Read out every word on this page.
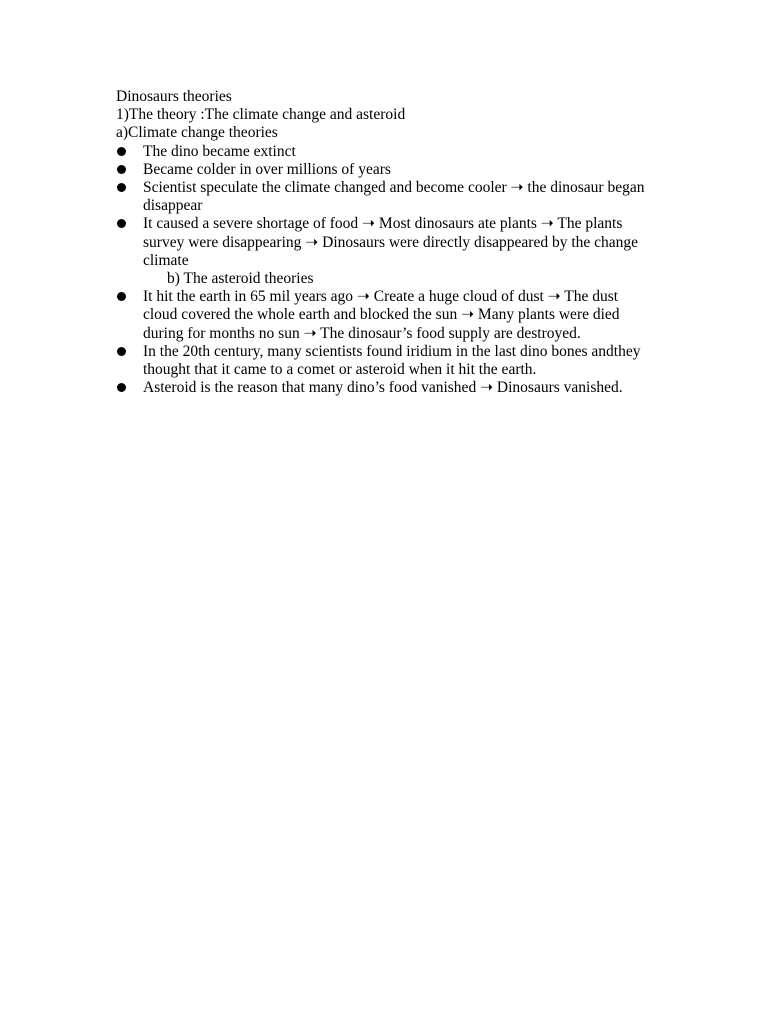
Dinosaurs theories
1)The theory :The climate change and asteroid
a)Climate change theories
The dino became extinct
Became colder in over millions of years
Scientist speculate the climate changed and become cooler ➝ the dinosaur began disappear
It caused a severe shortage of food ➝ Most dinosaurs ate plants ➝ The plants survey were disappearing ➝ Dinosaurs were directly disappeared by the change climate
b) The asteroid theories
It hit the earth in 65 mil years ago ➝ Create a huge cloud of dust ➝ The dust cloud covered the whole earth and blocked the sun ➝ Many plants were died during for months no sun ➝ The dinosaur’s food supply are destroyed.
In the 20th century, many scientists found iridium in the last dino bones andthey thought that it came to a comet or asteroid when it hit the earth.
Asteroid is the reason that many dino’s food vanished ➝ Dinosaurs vanished.
